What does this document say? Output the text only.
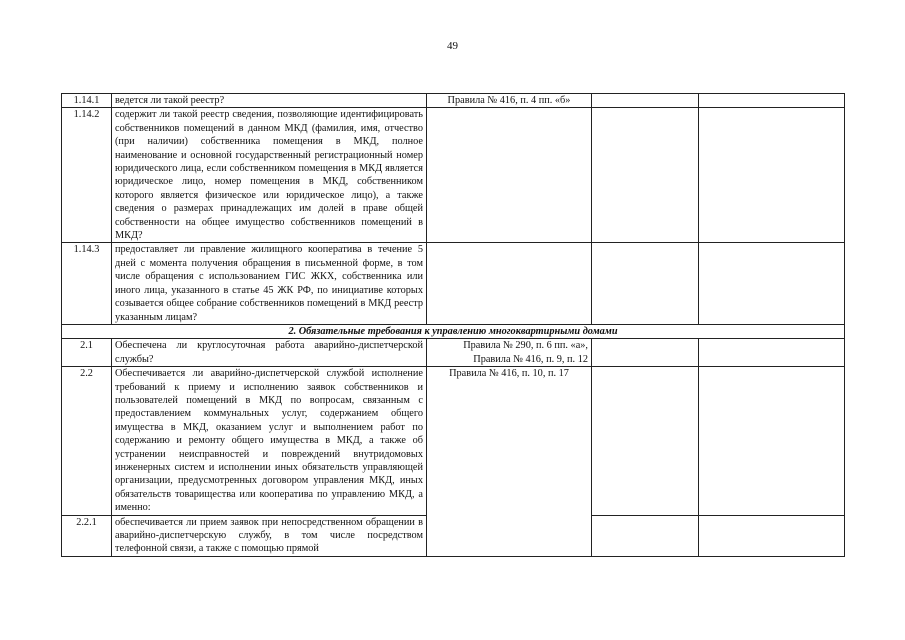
49
1.14.1	ведется ли такой реестр?	Правила № 416, п. 4 пп. «б»		
1.14.2	содержит ли такой реестр сведения, позволяющие идентифицировать собственников помещений в данном МКД (фамилия, имя, отчество (при наличии) собственника помещения в МКД, полное наименование и основной государственный регистрационный номер юридического лица, если собственником помещения в МКД является юридическое лицо, номер помещения в МКД, собственником которого является физическое или юридическое лицо), а также сведения о размерах принадлежащих им долей в праве общей собственности на общее имущество собственников помещений в МКД?			
1.14.3	предоставляет ли правление жилищного кооператива в течение 5 дней с момента получения обращения в письменной форме, в том числе обращения с использованием ГИС ЖКХ, собственника или иного лица, указанного в статье 45 ЖК РФ, по инициативе которых созывается общее собрание собственников помещений в МКД реестр указанным лицам?			
2. Обязательные требования к управлению многоквартирными домами				
2.1	Обеспечена ли круглосуточная работа аварийно-диспетчерской службы?	Правила № 290, п. 6 пп. «а»,
Правила № 416, п. 9, п. 12		

2.2	Обеспечивается ли аварийно-диспетчерской службой исполнение требований к приему и исполнению заявок собственников и пользователей помещений в МКД по вопросам, связанным с предоставлением коммунальных услуг, содержанием общего имущества в МКД, оказанием услуг и выполнением работ по содержанию и ремонту общего имущества в МКД, а также об устранении неисправностей и повреждений внутридомовых инженерных систем и исполнении иных обязательств управляющей организации, предусмотренных договором управления МКД, иных обязательств товарищества или кооператива по управлению МКД, а именно:	Правила № 416, п. 10, п. 17		
2.2.1	обеспечивается ли прием заявок при непосредственном обращении в аварийно-диспетчерскую службу, в том числе посредством телефонной связи, а также с помощью прямой			
